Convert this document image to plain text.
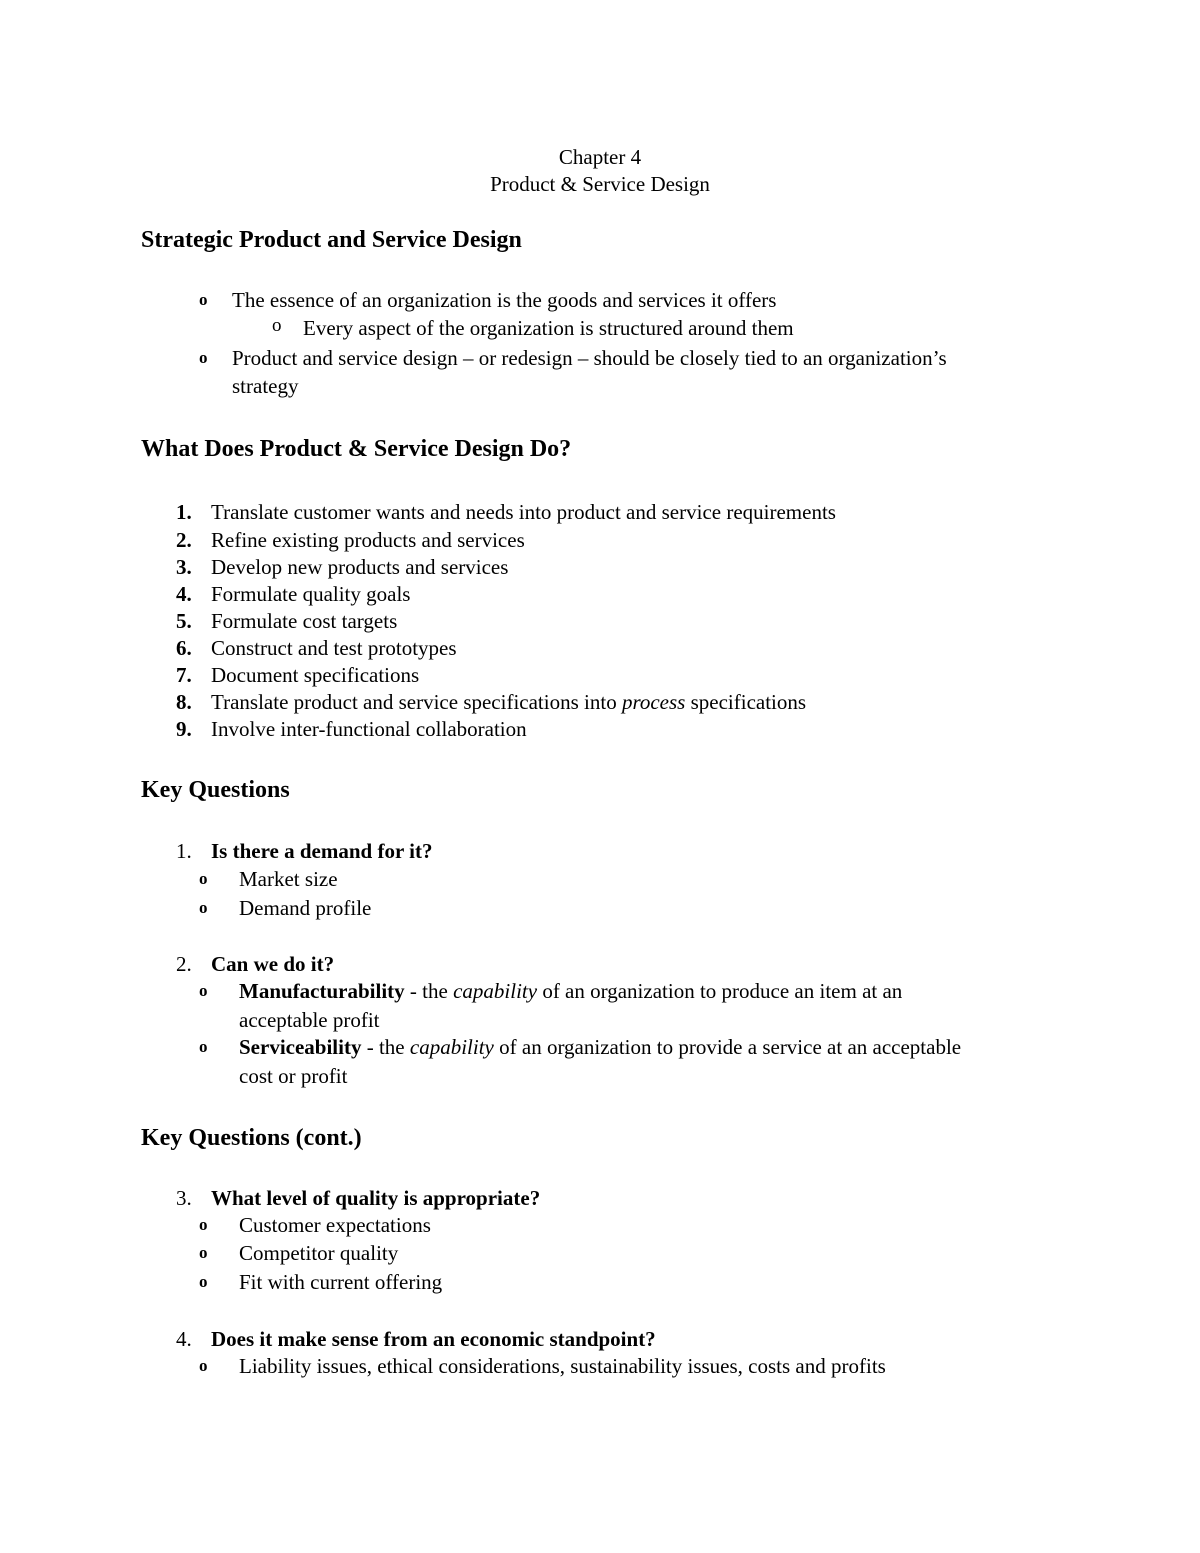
Chapter 4
Product & Service Design
Strategic Product and Service Design
o The essence of an organization is the goods and services it offers
o Every aspect of the organization is structured around them
o Product and service design – or redesign – should be closely tied to an organization’s
strategy
What Does Product & Service Design Do?
1. Translate customer wants and needs into product and service requirements
2. Refine existing products and services
3. Develop new products and services
4. Formulate quality goals
5. Formulate cost targets
6. Construct and test prototypes
7. Document specifications
8. Translate product and service specifications into process specifications
9. Involve inter-functional collaboration
Key Questions
1. Is there a demand for it?
o Market size
o Demand profile
2. Can we do it?
o Manufacturability - the capability of an organization to produce an item at an
acceptable profit
o Serviceability - the capability of an organization to provide a service at an acceptable
cost or profit
Key Questions (cont.)
3. What level of quality is appropriate?
o Customer expectations
o Competitor quality
o Fit with current offering
4. Does it make sense from an economic standpoint?
o Liability issues, ethical considerations, sustainability issues, costs and profits
